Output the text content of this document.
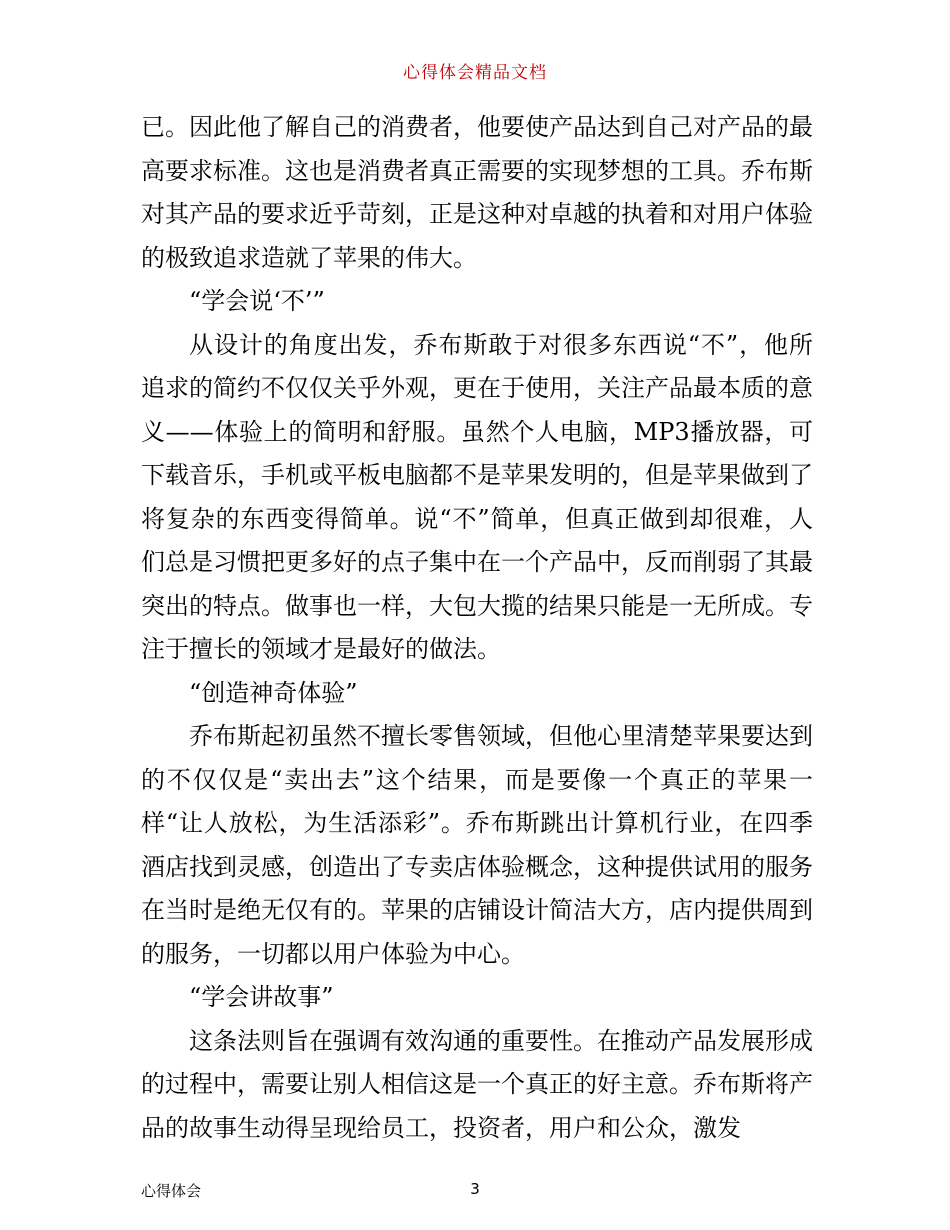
心得体会精品文档

已。因此他了解自己的消费者，他要使产品达到自己对产品的最高要求标准。这也是消费者真正需要的实现梦想的工具。乔布斯对其产品的要求近乎苛刻，正是这种对卓越的执着和对用户体验的极致追求造就了苹果的伟大。

“学会说‘不’”

从设计的角度出发，乔布斯敢于对很多东西说“不”，他所追求的简约不仅仅关乎外观，更在于使用，关注产品最本质的意义——体验上的简明和舒服。虽然个人电脑，MP3播放器，可下载音乐，手机或平板电脑都不是苹果发明的，但是苹果做到了将复杂的东西变得简单。说“不”简单，但真正做到却很难，人们总是习惯把更多好的点子集中在一个产品中，反而削弱了其最突出的特点。做事也一样，大包大揽的结果只能是一无所成。专注于擅长的领域才是最好的做法。

“创造神奇体验”

乔布斯起初虽然不擅长零售领域，但他心里清楚苹果要达到的不仅仅是“卖出去”这个结果，而是要像一个真正的苹果一样“让人放松，为生活添彩”。乔布斯跳出计算机行业，在四季酒店找到灵感，创造出了专卖店体验概念，这种提供试用的服务在当时是绝无仅有的。苹果的店铺设计简洁大方，店内提供周到的服务，一切都以用户体验为中心。

“学会讲故事”

这条法则旨在强调有效沟通的重要性。在推动产品发展形成的过程中，需要让别人相信这是一个真正的好主意。乔布斯将产品的故事生动得呈现给员工，投资者，用户和公众，激发

心得体会	3
